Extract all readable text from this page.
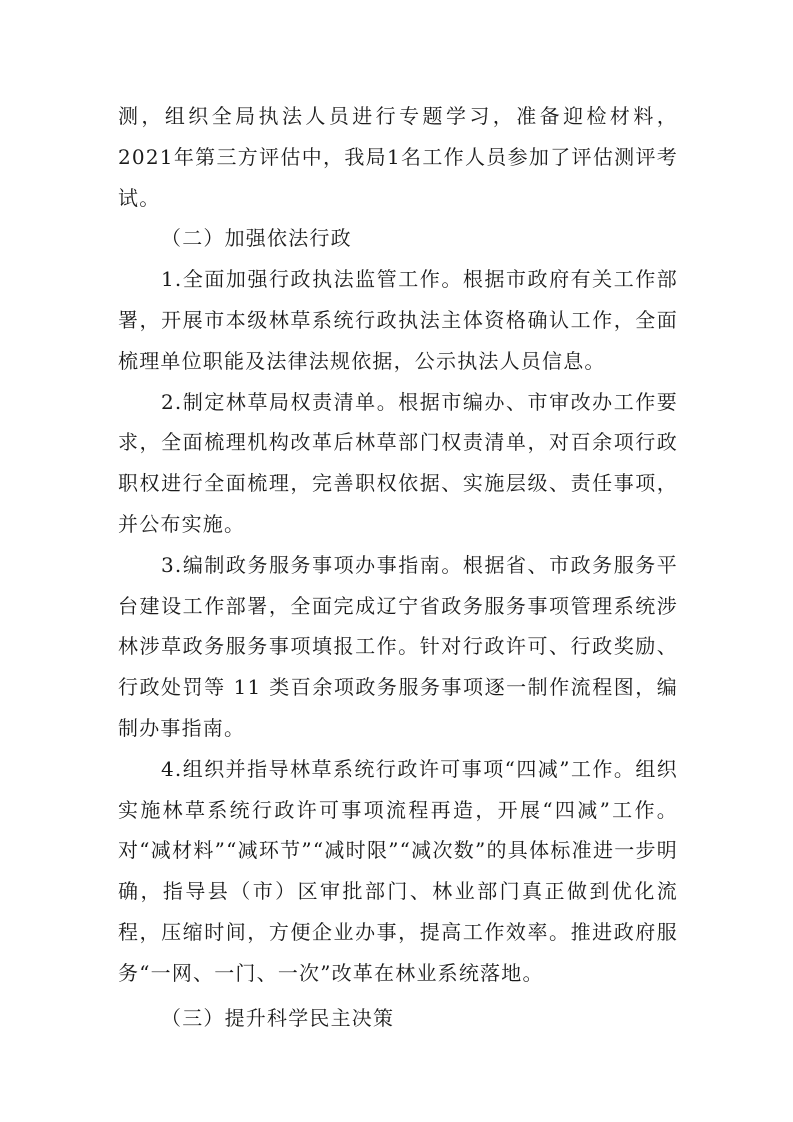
测，组织全局执法人员进行专题学习，准备迎检材料，2021年第三方评估中，我局1名工作人员参加了评估测评考试。

（二）加强依法行政

1.全面加强行政执法监管工作。根据市政府有关工作部署，开展市本级林草系统行政执法主体资格确认工作，全面梳理单位职能及法律法规依据，公示执法人员信息。

2.制定林草局权责清单。根据市编办、市审改办工作要求，全面梳理机构改革后林草部门权责清单，对百余项行政职权进行全面梳理，完善职权依据、实施层级、责任事项，并公布实施。

3.编制政务服务事项办事指南。根据省、市政务服务平台建设工作部署，全面完成辽宁省政务服务事项管理系统涉林涉草政务服务事项填报工作。针对行政许可、行政奖励、行政处罚等 11 类百余项政务服务事项逐一制作流程图，编制办事指南。

4.组织并指导林草系统行政许可事项“四减”工作。组织实施林草系统行政许可事项流程再造，开展“四减”工作。对“减材料”“减环节”“减时限”“减次数”的具体标准进一步明确，指导县（市）区审批部门、林业部门真正做到优化流程，压缩时间，方便企业办事，提高工作效率。推进政府服务“一网、一门、一次”改革在林业系统落地。

（三）提升科学民主决策
